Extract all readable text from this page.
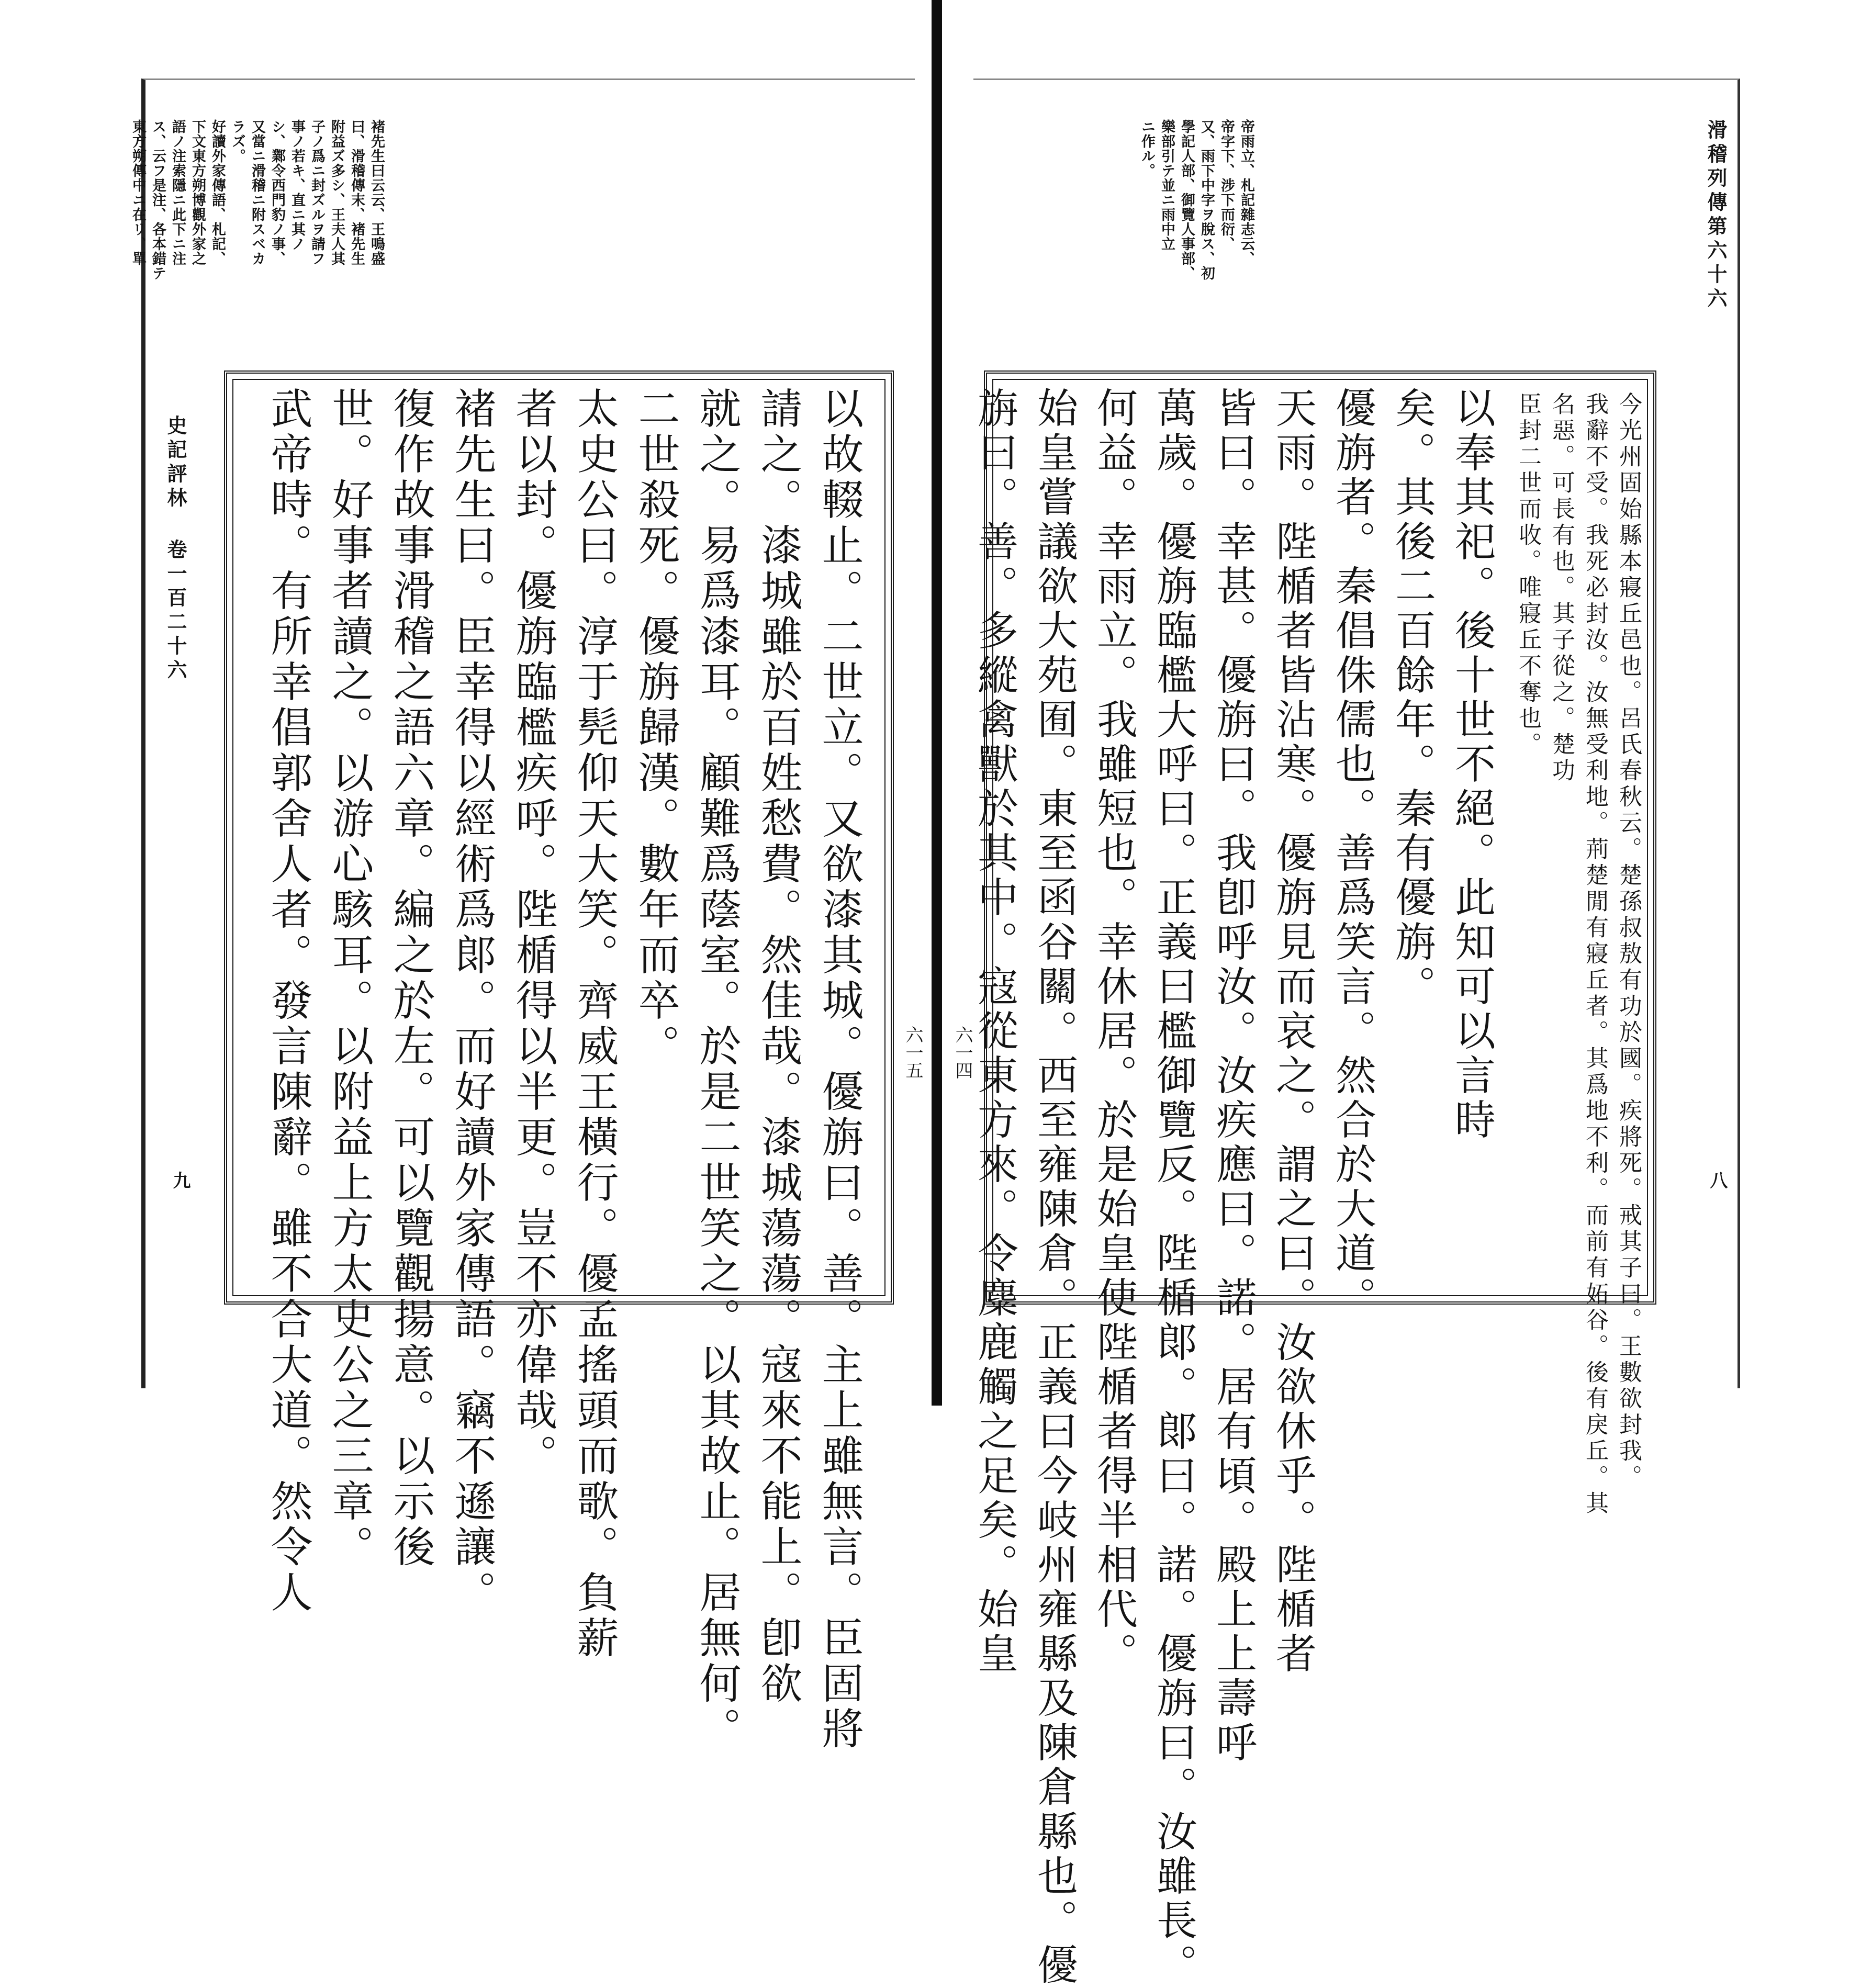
褚先生曰云云、王鳴盛
曰、滑稽傳末、褚先生
附益ズ多シ、王夫人其
子ノ爲ニ封ズルヲ請フ
事ノ若キ、直ニ其ノ
シ、鄴令西門豹ノ事、
又當ニ滑稽ニ附スベカ
ラズ。
好讀外家傳語、札記、
下文東方朔博觀外家之
語ノ注索隱ニ此下ニ注
ス、云フ是注、各本錯テ
東方朔傳中ニ在リ、單
史記評林 卷一百二十六
九	以故輟止。二世立。又欲漆其城。優旃曰。善。主上雖無言。臣固將
請之。漆城雖於百姓愁費。然佳哉。漆城蕩蕩。寇來不能上。卽欲
就之。易爲漆耳。顧難爲蔭室。於是二世笑之。以其故止。居無何。
二世殺死。優旃歸漢。數年而卒。
太史公曰。淳于髡仰天大笑。齊威王橫行。優孟搖頭而歌。負薪
者以封。優旃臨檻疾呼。陛楯得以半更。豈不亦偉哉。
褚先生曰。臣幸得以經術爲郞。而好讀外家傳語。竊不遜讓。
復作故事滑稽之語六章。編之於左。可以覽觀揚意。以示後
世。好事者讀之。以游心駭耳。以附益上方太史公之三章。
武帝時。有所幸倡郭舍人者。發言陳辭。雖不合大道。然令人	六一五 六一四
滑稽列傳第六十六
八
帝雨立、札記雜志云、
帝字下、涉下而衍、
又、雨下中字ヲ脫ス、初
學記人部、御覽人事部、
樂部引テ並ニ雨中立
ニ作ル。
今光州固始縣本寢丘邑也。呂氏春秋云。楚孫叔敖有功於國。疾將死。戒其子曰。王數欲封我。
我辭不受。我死必封汝。汝無受利地。荊楚閒有寢丘者。其爲地不利。而前有妬谷。後有戾丘。其
名惡。可長有也。其子從之。楚功
臣封二世而收。唯寢丘不奪也。
以奉其祀。後十世不絕。此知可以言時
矣。其後二百餘年。秦有優旃。
優旃者。秦倡侏儒也。善爲笑言。然合於大道。
天雨。陛楯者皆沾寒。優旃見而哀之。謂之曰。汝欲休乎。陛楯者
皆曰。幸甚。優旃曰。我卽呼汝。汝疾應曰。諾。居有頃。殿上上壽呼
萬歲。優旃臨檻大呼曰。正義曰檻御覽反。陛楯郞。郞曰。諾。優旃曰。汝雖長。
何益。幸雨立。我雖短也。幸休居。於是始皇使陛楯者得半相代。
始皇嘗議欲大苑囿。東至函谷關。西至雍陳倉。正義曰今岐州雍縣及陳倉縣也。優
旃曰。善。多縱禽獸於其中。寇從東方來。令麋鹿觸之足矣。始皇
